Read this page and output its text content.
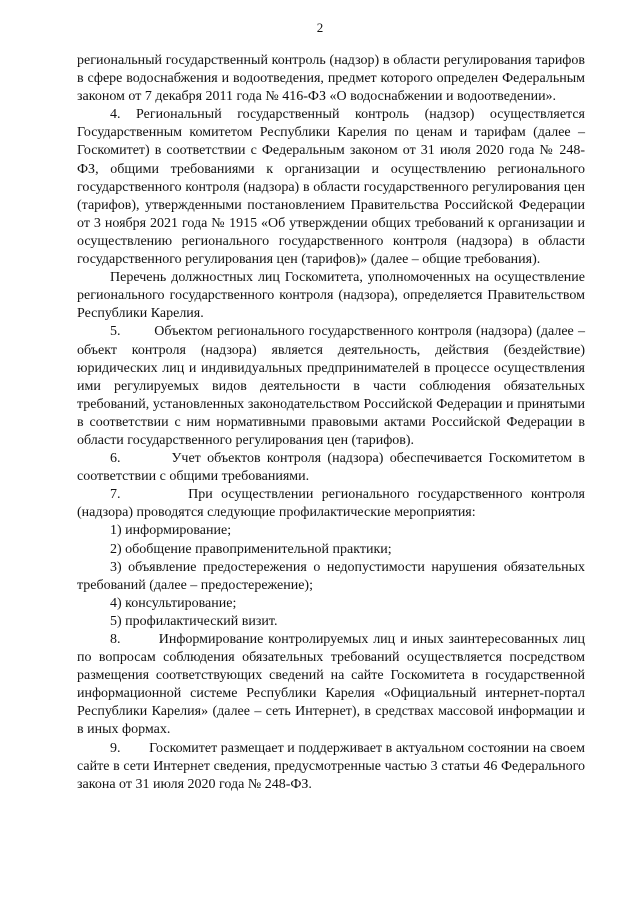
2

региональный государственный контроль (надзор) в области регулирования тарифов в сфере водоснабжения и водоотведения, предмет которого определен Федеральным законом от 7 декабря 2011 года № 416-ФЗ «О водоснабжении и водоотведении».

4. Региональный государственный контроль (надзор) осуществляется Государственным комитетом Республики Карелия по ценам и тарифам (далее – Госкомитет) в соответствии с Федеральным законом от 31 июля 2020 года № 248-ФЗ, общими требованиями к организации и осуществлению регионального государственного контроля (надзора) в области государственного регулирования цен (тарифов), утвержденными постановлением Правительства Российской Федерации от 3 ноября 2021 года № 1915 «Об утверждении общих требований к организации и осуществлению регионального государственного контроля (надзора) в области государственного регулирования цен (тарифов)» (далее – общие требования).

Перечень должностных лиц Госкомитета, уполномоченных на осуществление регионального государственного контроля (надзора), определяется Правительством Республики Карелия.

5.        Объектом регионального государственного контроля (надзора) (далее – объект контроля (надзора) является деятельность, действия (бездействие) юридических лиц и индивидуальных предпринимателей в процессе осуществления ими регулируемых видов деятельности в части соблюдения обязательных требований, установленных законодательством Российской Федерации и принятыми в соответствии с ним нормативными правовыми актами Российской Федерации в области государственного регулирования цен (тарифов).

6.        Учет объектов контроля (надзора) обеспечивается Госкомитетом в соответствии с общими требованиями.

7.        При осуществлении регионального государственного контроля (надзора) проводятся следующие профилактические мероприятия:

1) информирование;

2) обобщение правоприменительной практики;

3) объявление предостережения о недопустимости нарушения обязательных требований (далее – предостережение);

4) консультирование;

5) профилактический визит.

8.        Информирование контролируемых лиц и иных заинтересованных лиц по вопросам соблюдения обязательных требований осуществляется посредством размещения соответствующих сведений на сайте Госкомитета в государственной информационной системе Республики Карелия «Официальный интернет-портал Республики Карелия» (далее – сеть Интернет), в средствах массовой информации и в иных формах.

9.        Госкомитет размещает и поддерживает в актуальном состоянии на своем сайте в сети Интернет сведения, предусмотренные частью 3 статьи 46 Федерального закона от 31 июля 2020 года № 248-ФЗ.
